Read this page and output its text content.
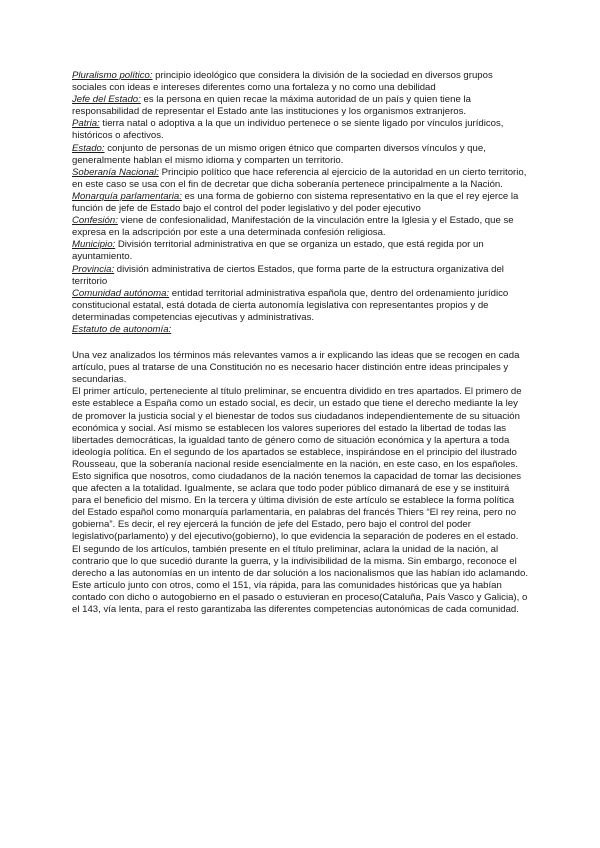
Pluralismo político: principio ideológico que considera la división de la sociedad en diversos grupos sociales con ideas e intereses diferentes como una fortaleza y no como una debilidad

Jefe del Estado: es la persona en quien recae la máxima autoridad de un país y quien tiene la responsabilidad de representar el Estado ante las instituciones y los organismos extranjeros.

Patria: tierra natal o adoptiva a la que un individuo pertenece o se siente ligado por vínculos jurídicos, históricos o afectivos.

Estado: conjunto de personas de un mismo origen étnico que comparten diversos vínculos y que, generalmente hablan el mismo idioma y comparten un territorio.

Soberanía Nacional: Principio político que hace referencia al ejercicio de la autoridad en un cierto territorio, en este caso se usa con el fin de decretar que dicha soberanía pertenece principalmente a la Nación.

Monarquía parlamentaria: es una forma de gobierno con sistema representativo en la que el rey ejerce la función de jefe de Estado bajo el control del poder legislativo y del poder ejecutivo

Confesión: viene de confesionalidad, Manifestación de la vinculación entre la Iglesia y el Estado, que se expresa en la adscripción por este a una determinada confesión religiosa.

Municipio: División territorial administrativa en que se organiza un estado, que está regida por un ayuntamiento.

Provincia: división administrativa de ciertos Estados, que forma parte de la estructura organizativa del territorio

Comunidad autónoma: entidad territorial administrativa española que, dentro del ordenamiento jurídico constitucional estatal, está dotada de cierta autonomía legislativa con representantes propios y de determinadas competencias ejecutivas y administrativas.

Estatuto de autonomía:

Una vez analizados los términos más relevantes vamos a ir explicando las ideas que se recogen en cada artículo, pues al tratarse de una Constitución no es necesario hacer distinción entre ideas principales y secundarias.

El primer artículo, perteneciente al título preliminar, se encuentra dividido en tres apartados. El primero de este establece a España como un estado social, es decir, un estado que tiene el derecho mediante la ley de promover la justicia social y el bienestar de todos sus ciudadanos independientemente de su situación económica y social. Así mismo se establecen los valores superiores del estado la libertad de todas las libertades democráticas, la igualdad tanto de género como de situación económica y la apertura a toda ideología política. En el segundo de los apartados se establece, inspirándose en el principio del ilustrado Rousseau, que la soberanía nacional reside esencialmente en la nación, en este caso, en los españoles. Esto significa que nosotros, como ciudadanos de la nación tenemos la capacidad de tomar las decisiones que afecten a la totalidad. Igualmente, se aclara que todo poder público dimanará de ese y se instituirá para el beneficio del mismo. En la tercera y última división de este artículo se establece la forma política del Estado español como monarquía parlamentaria, en palabras del francés Thiers “El rey reina, pero no gobierna”. Es decir, el rey ejercerá la función de jefe del Estado, pero bajo el control del poder legislativo(parlamento) y del ejecutivo(gobierno), lo que evidencia la separación de poderes en el estado.

El segundo de los artículos, también presente en el título preliminar, aclara la unidad de la nación, al contrario que lo que sucedió durante la guerra, y la indivisibilidad de la misma. Sin embargo, reconoce el derecho a las autonomías en un intento de dar solución a los nacionalismos que las habían ido aclamando. Este artículo junto con otros, como el 151, vía rápida, para las comunidades históricas que ya habían contado con dicho o autogobierno en el pasado o estuvieran en proceso(Cataluña, País Vasco y Galicia), o el 143, vía lenta, para el resto garantizaba las diferentes competencias autonómicas de cada comunidad.
